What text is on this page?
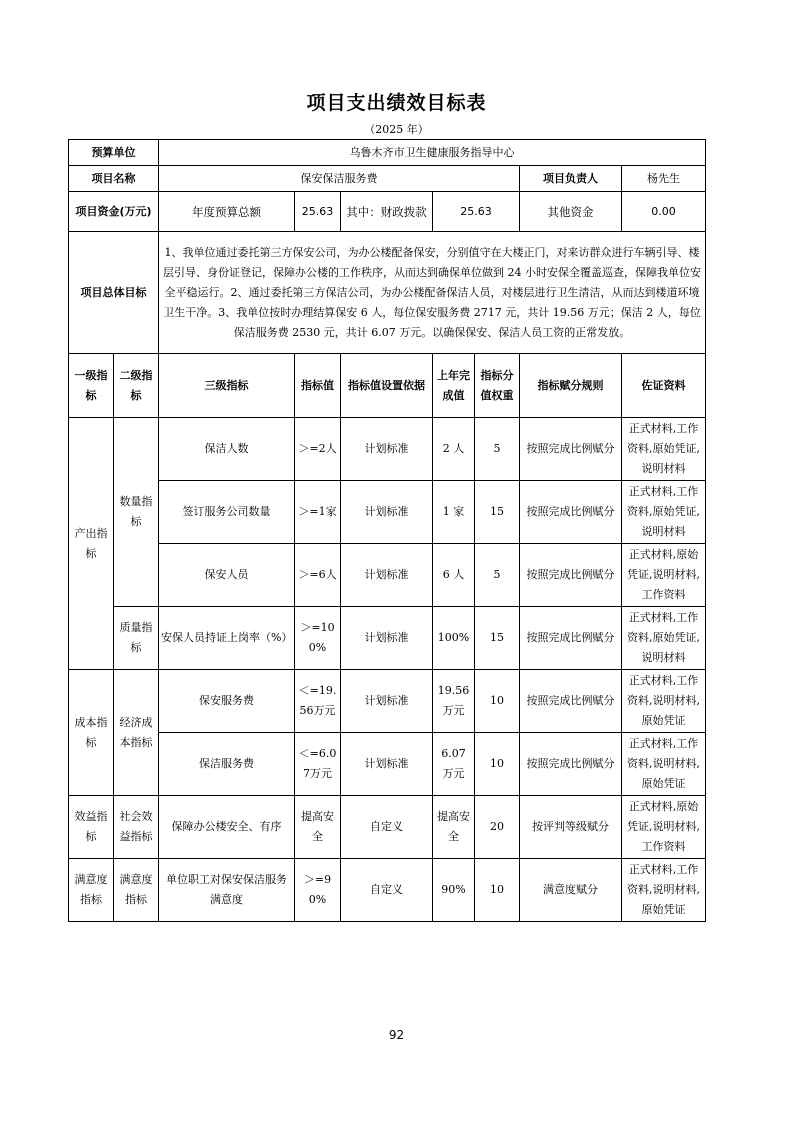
项目支出绩效目标表
（2025 年）
预算单位		乌鲁木齐市卫生健康服务指导中心						
项目名称		保安保洁服务费					项目负责人	杨先生
项目资金(万元)		年度预算总额	25.63	其中：财政拨款	25.63		其他资金	0.00
项目总体目标		1、我单位通过委托第三方保安公司，为办公楼配备保安，分别值守在大楼正门，对来访群众进行车辆引导、楼层引导、身份证登记，保障办公楼的工作秩序，从而达到确保单位做到 24 小时安保全覆盖巡查，保障我单位安全平稳运行。2、通过委托第三方保洁公司，为办公楼配备保洁人员，对楼层进行卫生清洁，从而达到楼道环境卫生干净。3、我单位按时办理结算保安 6 人，每位保安服务费 2717 元，共计 19.56 万元；保洁 2 人，每位保洁服务费 2530 元，共计 6.07 万元。以确保保安、保洁人员工资的正常发放。						
一级指标	二级指标	三级指标	指标值	指标值设置依据	上年完成值	指标分值权重	指标赋分规则	佐证资料
产出指标	数量指标	保洁人数	＞=2人	计划标准	2 人	5	按照完成比例赋分	正式材料,工作资料,原始凭证,说明材料
		签订服务公司数量	＞=1家	计划标准	1 家	15	按照完成比例赋分	正式材料,工作资料,原始凭证,说明材料
		保安人员	＞=6人	计划标准	6 人	5	按照完成比例赋分	正式材料,原始凭证,说明材料,工作资料
	质量指标	安保人员持证上岗率（%）	＞=100%	计划标准	100%	15	按照完成比例赋分	正式材料,工作资料,原始凭证,说明材料
成本指标	经济成本指标	保安服务费	＜=19.56万元	计划标准	19.56万元	10	按照完成比例赋分	正式材料,工作资料,说明材料,原始凭证
		保洁服务费	＜=6.07万元	计划标准	6.07 万元	10	按照完成比例赋分	正式材料,工作资料,说明材料,原始凭证
效益指标	社会效益指标	保障办公楼安全、有序	提高安全	自定义	提高安全	20	按评判等级赋分	正式材料,原始凭证,说明材料,工作资料
满意度指标	满意度指标	单位职工对保安保洁服务满意度	＞=90%	自定义	90%	10	满意度赋分	正式材料,工作资料,说明材料,原始凭证
92
